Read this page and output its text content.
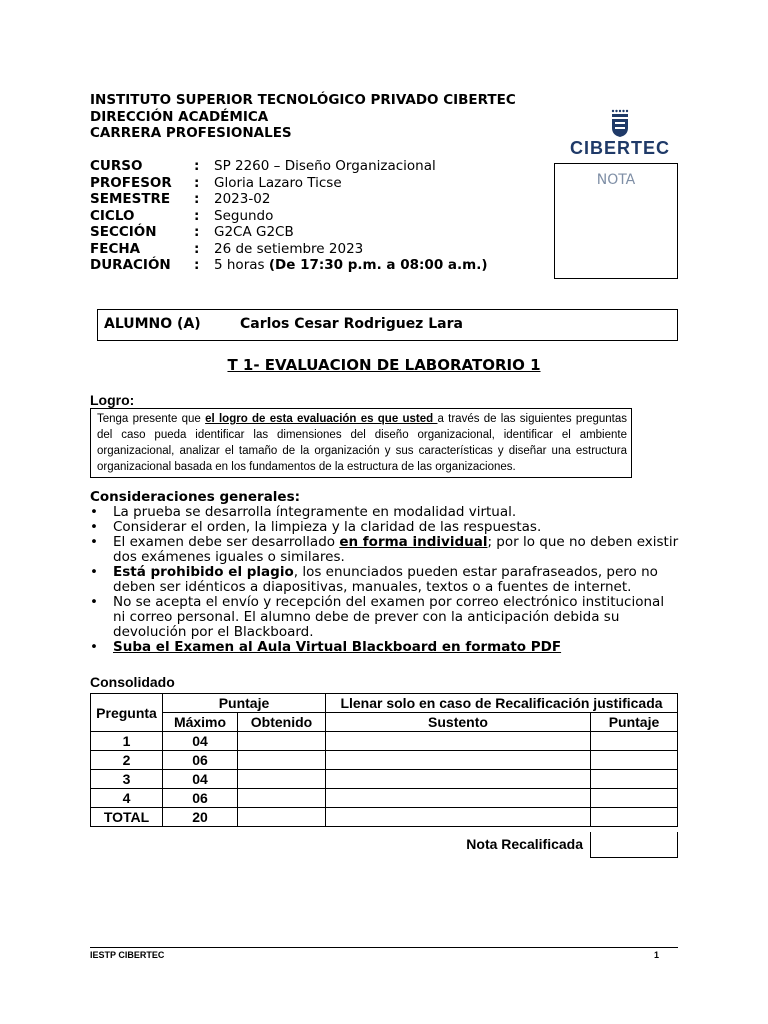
INSTITUTO SUPERIOR TECNOLÓGICO PRIVADO CIBERTEC
DIRECCIÓN ACADÉMICA
CARRERA PROFESIONALES
CIBERTEC
NOTA
CURSO	:	SP 2260 – Diseño Organizacional
PROFESOR	:	Gloria Lazaro Ticse
SEMESTRE	:	2023-02
CICLO	:	Segundo
SECCIÓN	:	G2CA G2CB
FECHA	:	26 de setiembre 2023
DURACIÓN	:	5 horas (De 17:30 p.m. a 08:00 a.m.)
ALUMNO (A)	Carlos Cesar Rodriguez Lara
T 1- EVALUACION DE LABORATORIO 1
Logro:
Tenga presente que el logro de esta evaluación es que usted a través de las siguientes preguntas del caso pueda identificar las dimensiones del diseño organizacional, identificar el ambiente organizacional, analizar el tamaño de la organización y sus características y diseñar una estructura organizacional basada en los fundamentos de la estructura de las organizaciones.
Consideraciones generales:
• La prueba se desarrolla íntegramente en modalidad virtual.
• Considerar el orden, la limpieza y la claridad de las respuestas.
• El examen debe ser desarrollado en forma individual; por lo que no deben existir dos exámenes iguales o similares.
• Está prohibido el plagio, los enunciados pueden estar parafraseados, pero no deben ser idénticos a diapositivas, manuales, textos o a fuentes de internet.
• No se acepta el envío y recepción del examen por correo electrónico institucional ni correo personal. El alumno debe de prever con la anticipación debida su devolución por el Blackboard.
• Suba el Examen al Aula Virtual Blackboard en formato PDF
Consolidado
Pregunta	Puntaje		Llenar solo en caso de Recalificación justificada	
	Máximo	Obtenido	Sustento	Puntaje
1	04			
2	06			
3	04			
4	06			
TOTAL	20			
Nota Recalificada
IESTP CIBERTEC	1
